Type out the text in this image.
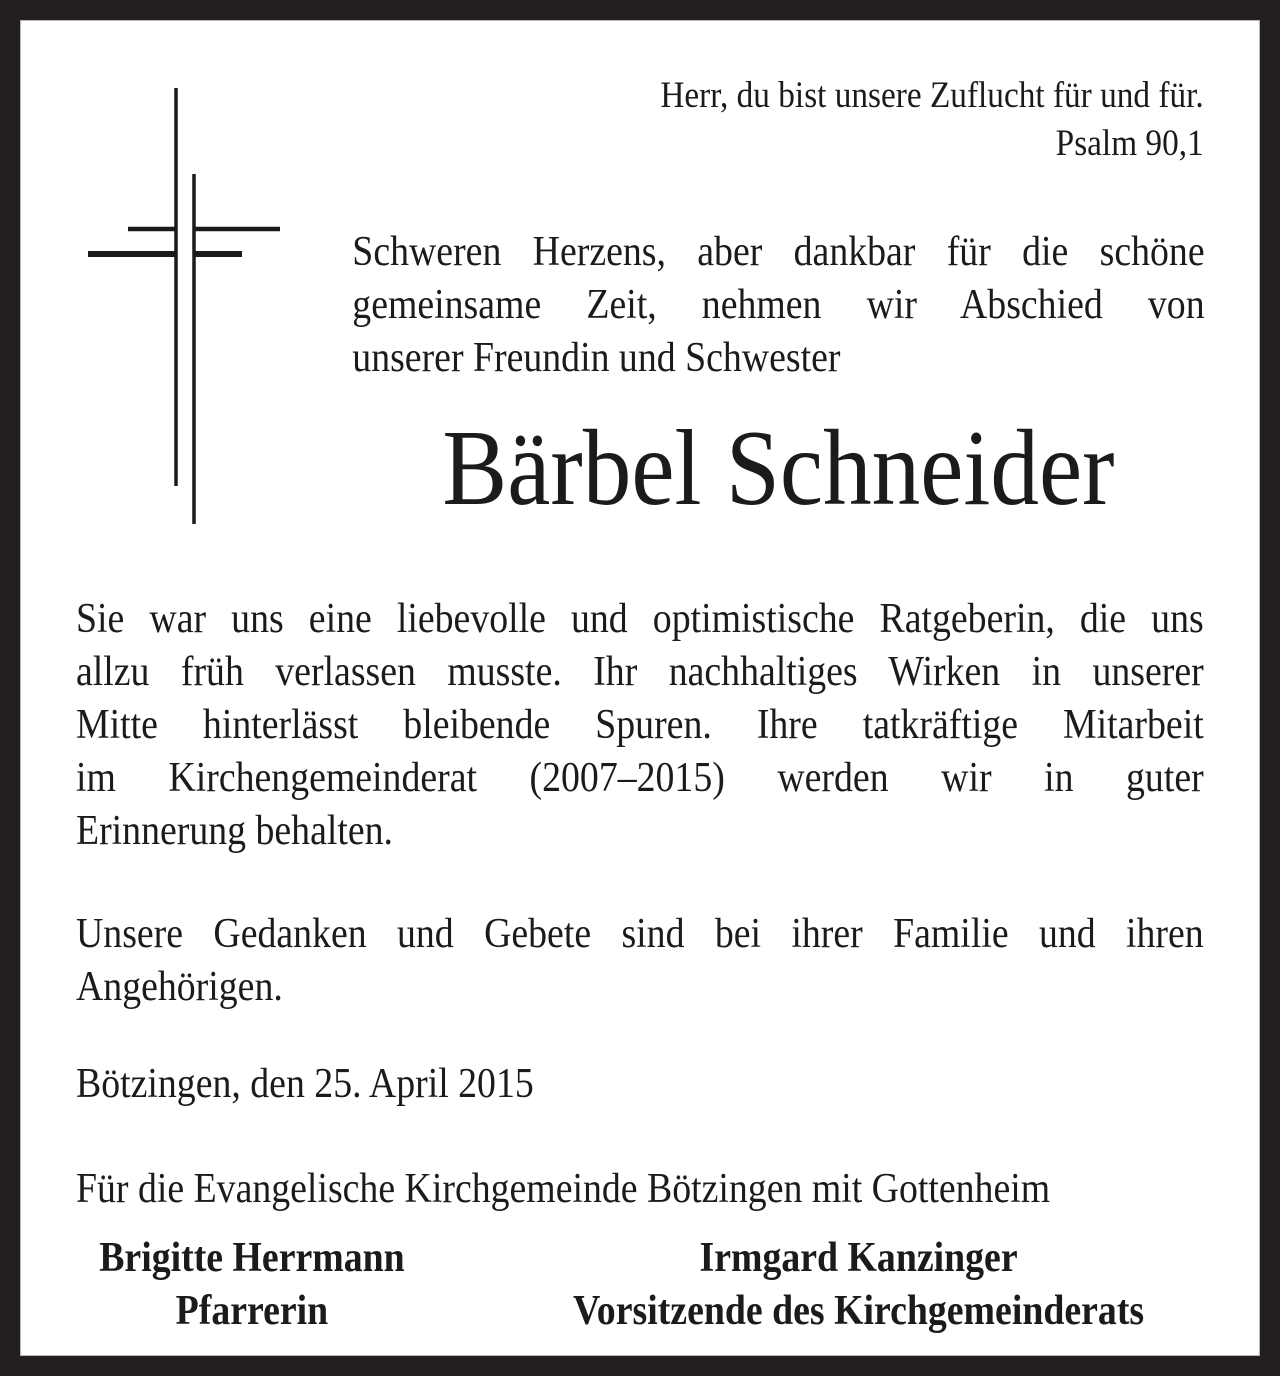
Herr, du bist unsere Zuflucht für und für.
Psalm 90,1
Schweren Herzens, aber dankbar für die schöne
gemeinsame Zeit, nehmen wir Abschied von
unserer Freundin und Schwester
Bärbel Schneider
Sie war uns eine liebevolle und optimistische Ratgeberin, die uns
allzu früh verlassen musste. Ihr nachhaltiges Wirken in unserer
Mitte hinterlässt bleibende Spuren. Ihre tatkräftige Mitarbeit
im Kirchengemeinderat (2007–2015) werden wir in guter
Erinnerung behalten.
Unsere Gedanken und Gebete sind bei ihrer Familie und ihren
Angehörigen.
Bötzingen, den 25. April 2015
Für die Evangelische Kirchgemeinde Bötzingen mit Gottenheim
Brigitte Herrmann
Pfarrerin
Irmgard Kanzinger
Vorsitzende des Kirchgemeinderats
